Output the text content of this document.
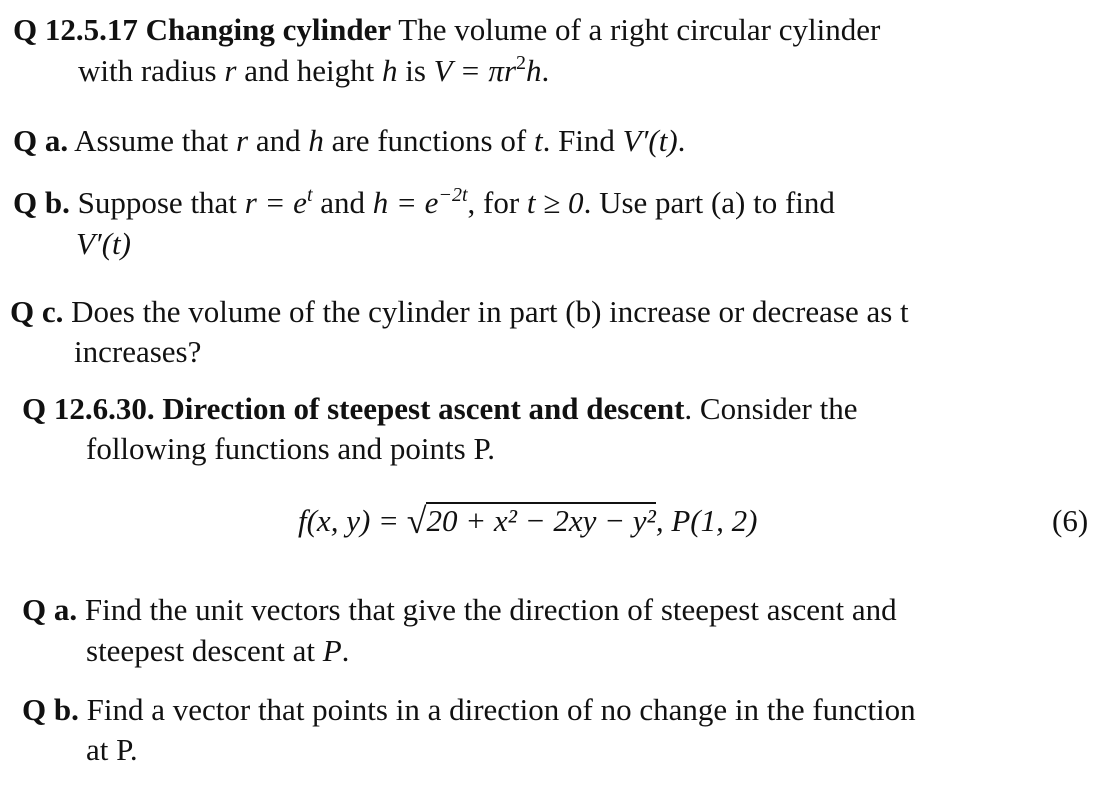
Q 12.5.17 Changing cylinder The volume of a right circular cylinder
with radius r and height h is $V = \pi r^2h$.
Q a. Assume that r and h are functions of t. Find V′(t).
Q b. Suppose that $r = e^t$ and $h = e^{-2t}$, for t ≥ 0. Use part (a) to find
V′(t)
Q c. Does the volume of the cylinder in part (b) increase or decrease as t
increases?
Q 12.6.30. Direction of steepest ascent and descent. Consider the
following functions and points P.
f(x, y) = √20 + x² − 2xy − y², P(1, 2)	(6)
Q a. Find the unit vectors that give the direction of steepest ascent and
steepest descent at P.
Q b. Find a vector that points in a direction of no change in the function
at P.
